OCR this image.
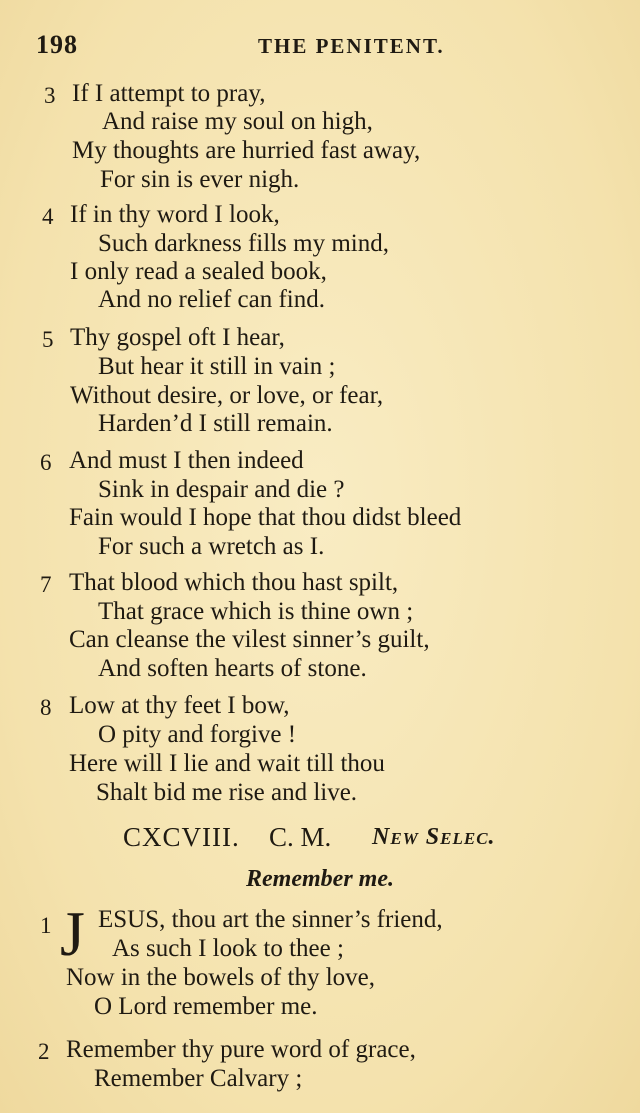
198	THE PENITENT.
3 If I attempt to pray,
And raise my soul on high,
My thoughts are hurried fast away,
For sin is ever nigh.
4 If in thy word I look,
Such darkness fills my mind,
I only read a sealed book,
And no relief can find.
5 Thy gospel oft I hear,
But hear it still in vain ;
Without desire, or love, or fear,
Harden’d I still remain.
6 And must I then indeed
Sink in despair and die ?
Fain would I hope that thou didst bleed
For such a wretch as I.
7 That blood which thou hast spilt,
That grace which is thine own ;
Can cleanse the vilest sinner’s guilt,
And soften hearts of stone.
8 Low at thy feet I bow,
O pity and forgive !
Here will I lie and wait till thou
Shalt bid me rise and live.
CXCVIII. C. M. New Selec.
Remember me.
1 J ESUS, thou art the sinner’s friend,
As such I look to thee ;
Now in the bowels of thy love,
O Lord remember me.
2 Remember thy pure word of grace,
Remember Calvary ;
